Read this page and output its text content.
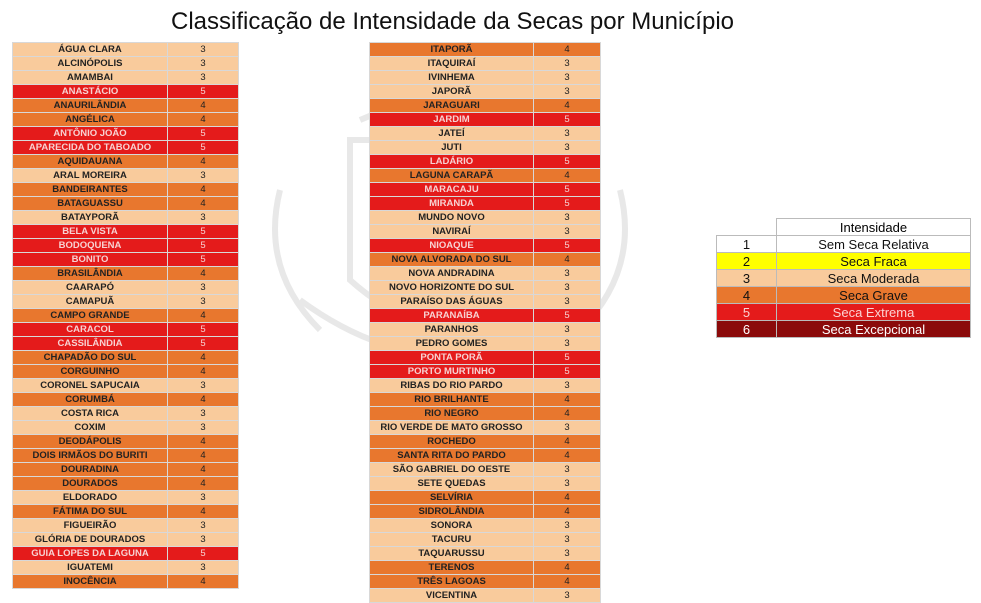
Classificação de Intensidade da Secas por Município
ÁGUA CLARA	3
ALCINÓPOLIS	3
AMAMBAI	3
ANASTÁCIO	5
ANAURILÂNDIA	4
ANGÉLICA	4
ANTÔNIO JOÃO	5
APARECIDA DO TABOADO	5
AQUIDAUANA	4
ARAL MOREIRA	3
BANDEIRANTES	4
BATAGUASSU	4
BATAYPORÃ	3
BELA VISTA	5
BODOQUENA	5
BONITO	5
BRASILÂNDIA	4
CAARAPÓ	3
CAMAPUÃ	3
CAMPO GRANDE	4
CARACOL	5
CASSILÂNDIA	5
CHAPADÃO DO SUL	4
CORGUINHO	4
CORONEL SAPUCAIA	3
CORUMBÁ	4
COSTA RICA	3
COXIM	3
DEODÁPOLIS	4
DOIS IRMÃOS DO BURITI	4
DOURADINA	4
DOURADOS	4
ELDORADO	3
FÁTIMA DO SUL	4
FIGUEIRÃO	3
GLÓRIA DE DOURADOS	3
GUIA LOPES DA LAGUNA	5
IGUATEMI	3
INOCÊNCIA	4
ITAPORÃ	4
ITAQUIRAÍ	3
IVINHEMA	3
JAPORÃ	3
JARAGUARI	4
JARDIM	5
JATEÍ	3
JUTI	3
LADÁRIO	5
LAGUNA CARAPÃ	4
MARACAJU	5
MIRANDA	5
MUNDO NOVO	3
NAVIRAÍ	3
NIOAQUE	5
NOVA ALVORADA DO SUL	4
NOVA ANDRADINA	3
NOVO HORIZONTE DO SUL	3
PARAÍSO DAS ÁGUAS	3
PARANAÍBA	5
PARANHOS	3
PEDRO GOMES	3
PONTA PORÃ	5
PORTO MURTINHO	5
RIBAS DO RIO PARDO	3
RIO BRILHANTE	4
RIO NEGRO	4
RIO VERDE DE MATO GROSSO	3
ROCHEDO	4
SANTA RITA DO PARDO	4
SÃO GABRIEL DO OESTE	3
SETE QUEDAS	3
SELVÍRIA	4
SIDROLÂNDIA	4
SONORA	3
TACURU	3
TAQUARUSSU	3
TERENOS	4
TRÊS LAGOAS	4
VICENTINA	3
	Intensidade
1	Sem Seca Relativa
2	Seca Fraca
3	Seca Moderada
4	Seca Grave
5	Seca Extrema
6	Seca Excepcional
